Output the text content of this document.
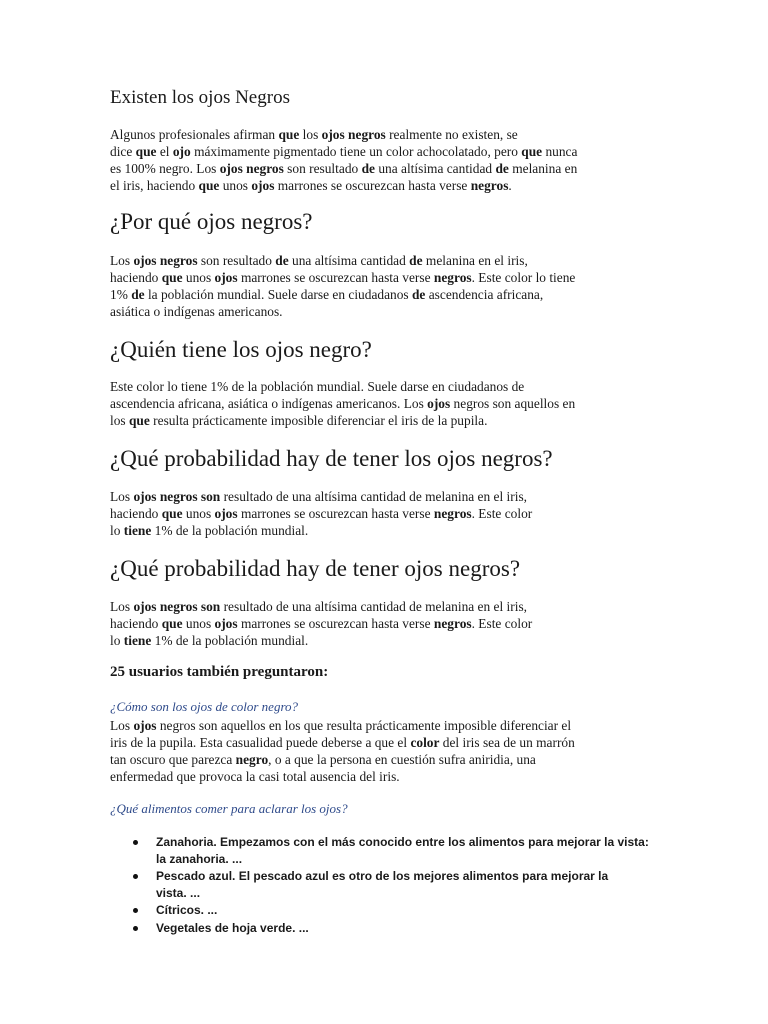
Existen los ojos Negros
Algunos profesionales afirman que los ojos negros realmente no existen, se
dice que el ojo máximamente pigmentado tiene un color achocolatado, pero que nunca
es 100% negro. Los ojos negros son resultado de una altísima cantidad de melanina en
el iris, haciendo que unos ojos marrones se oscurezcan hasta verse negros.
¿Por qué ojos negros?
Los ojos negros son resultado de una altísima cantidad de melanina en el iris,
haciendo que unos ojos marrones se oscurezcan hasta verse negros. Este color lo tiene
1% de la población mundial. Suele darse en ciudadanos de ascendencia africana,
asiática o indígenas americanos.
¿Quién tiene los ojos negro?
Este color lo tiene 1% de la población mundial. Suele darse en ciudadanos de
ascendencia africana, asiática o indígenas americanos. Los ojos negros son aquellos en
los que resulta prácticamente imposible diferenciar el iris de la pupila.
¿Qué probabilidad hay de tener los ojos negros?
Los ojos negros son resultado de una altísima cantidad de melanina en el iris,
haciendo que unos ojos marrones se oscurezcan hasta verse negros. Este color
lo tiene 1% de la población mundial.
¿Qué probabilidad hay de tener ojos negros?
Los ojos negros son resultado de una altísima cantidad de melanina en el iris,
haciendo que unos ojos marrones se oscurezcan hasta verse negros. Este color
lo tiene 1% de la población mundial.
25 usuarios también preguntaron:
¿Cómo son los ojos de color negro?
Los ojos negros son aquellos en los que resulta prácticamente imposible diferenciar el
iris de la pupila. Esta casualidad puede deberse a que el color del iris sea de un marrón
tan oscuro que parezca negro, o a que la persona en cuestión sufra aniridia, una
enfermedad que provoca la casi total ausencia del iris.
¿Qué alimentos comer para aclarar los ojos?
Zanahoria. Empezamos con el más conocido entre los alimentos para mejorar la vista:
la zanahoria. ...
Pescado azul. El pescado azul es otro de los mejores alimentos para mejorar la
vista. ...
Cítricos. ...
Vegetales de hoja verde. ...
